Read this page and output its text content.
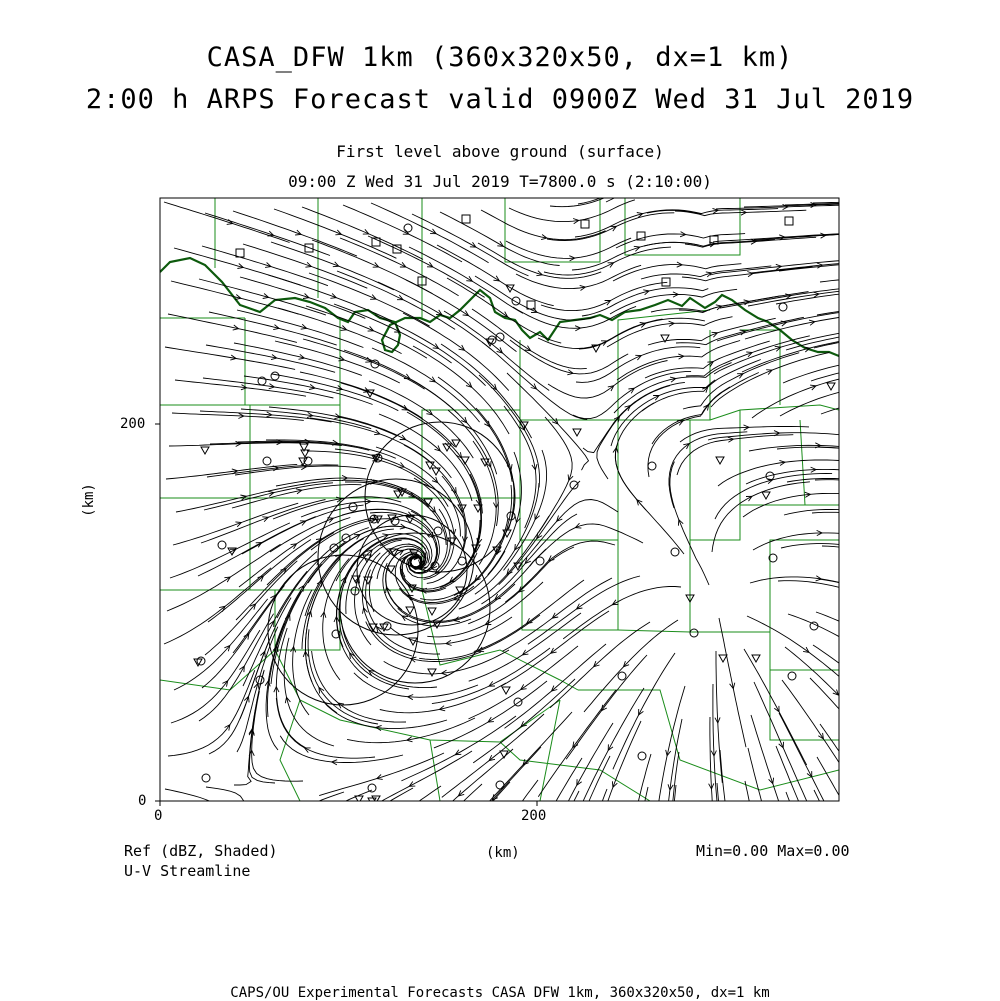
CASA_DFW 1km (360x320x50, dx=1 km)
2:00 h ARPS Forecast valid 0900Z Wed 31 Jul 2019
First level above ground (surface)
09:00 Z Wed 31 Jul 2019 T=7800.0 s (2:10:00)
0	200
0
200
(km)
(km)
Ref (dBZ, Shaded)
U-V Streamline
Min=0.00 Max=0.00
CAPS/OU Experimental Forecasts CASA DFW 1km, 360x320x50, dx=1 km
